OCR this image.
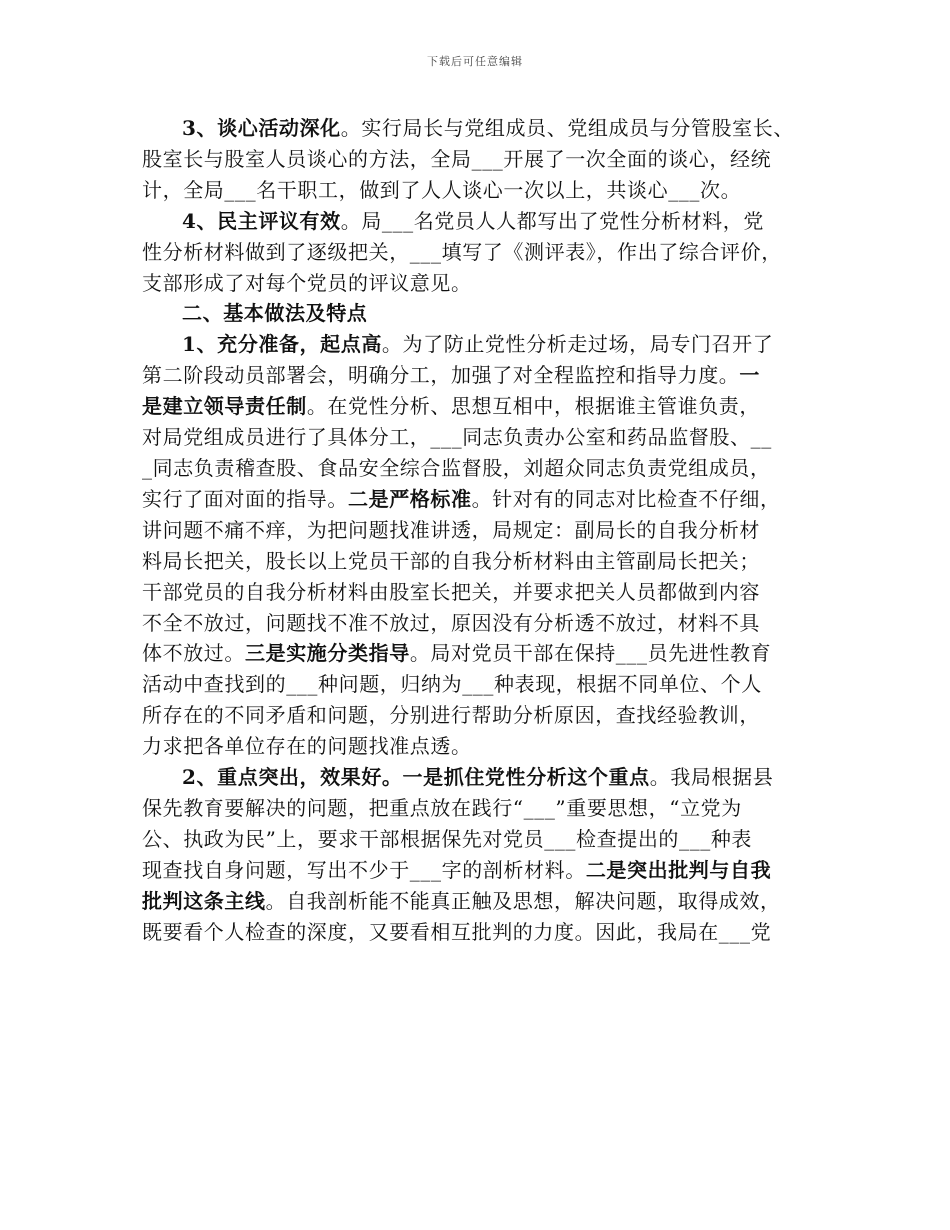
下载后可任意编辑

3、谈心活动深化。实行局长与党组成员、党组成员与分管股室长、
股室长与股室人员谈心的方法，全局___开展了一次全面的谈心，经统
计，全局___名干职工，做到了人人谈心一次以上，共谈心___次。

4、民主评议有效。局___名党员人人都写出了党性分析材料，党
性分析材料做到了逐级把关，___填写了《测评表》，作出了综合评价，
支部形成了对每个党员的评议意见。

二、基本做法及特点

1、充分准备，起点高。为了防止党性分析走过场，局专门召开了
第二阶段动员部署会，明确分工，加强了对全程监控和指导力度。一
是建立领导责任制。在党性分析、思想互相中，根据谁主管谁负责，
对局党组成员进行了具体分工，___同志负责办公室和药品监督股、__
_同志负责稽查股、食品安全综合监督股，刘超众同志负责党组成员，
实行了面对面的指导。二是严格标准。针对有的同志对比检查不仔细，
讲问题不痛不痒，为把问题找准讲透，局规定：副局长的自我分析材
料局长把关，股长以上党员干部的自我分析材料由主管副局长把关；
干部党员的自我分析材料由股室长把关，并要求把关人员都做到内容
不全不放过，问题找不准不放过，原因没有分析透不放过，材料不具
体不放过。三是实施分类指导。局对党员干部在保持___员先进性教育
活动中查找到的___种问题，归纳为___种表现，根据不同单位、个人
所存在的不同矛盾和问题，分别进行帮助分析原因，查找经验教训，
力求把各单位存在的问题找准点透。

2、重点突出，效果好。一是抓住党性分析这个重点。我局根据县
保先教育要解决的问题，把重点放在践行“___”重要思想，“立党为
公、执政为民”上，要求干部根据保先对党员___检查提出的___种表
现查找自身问题，写出不少于___字的剖析材料。二是突出批判与自我
批判这条主线。自我剖析能不能真正触及思想，解决问题，取得成效，
既要看个人检查的深度，又要看相互批判的力度。因此，我局在___党
